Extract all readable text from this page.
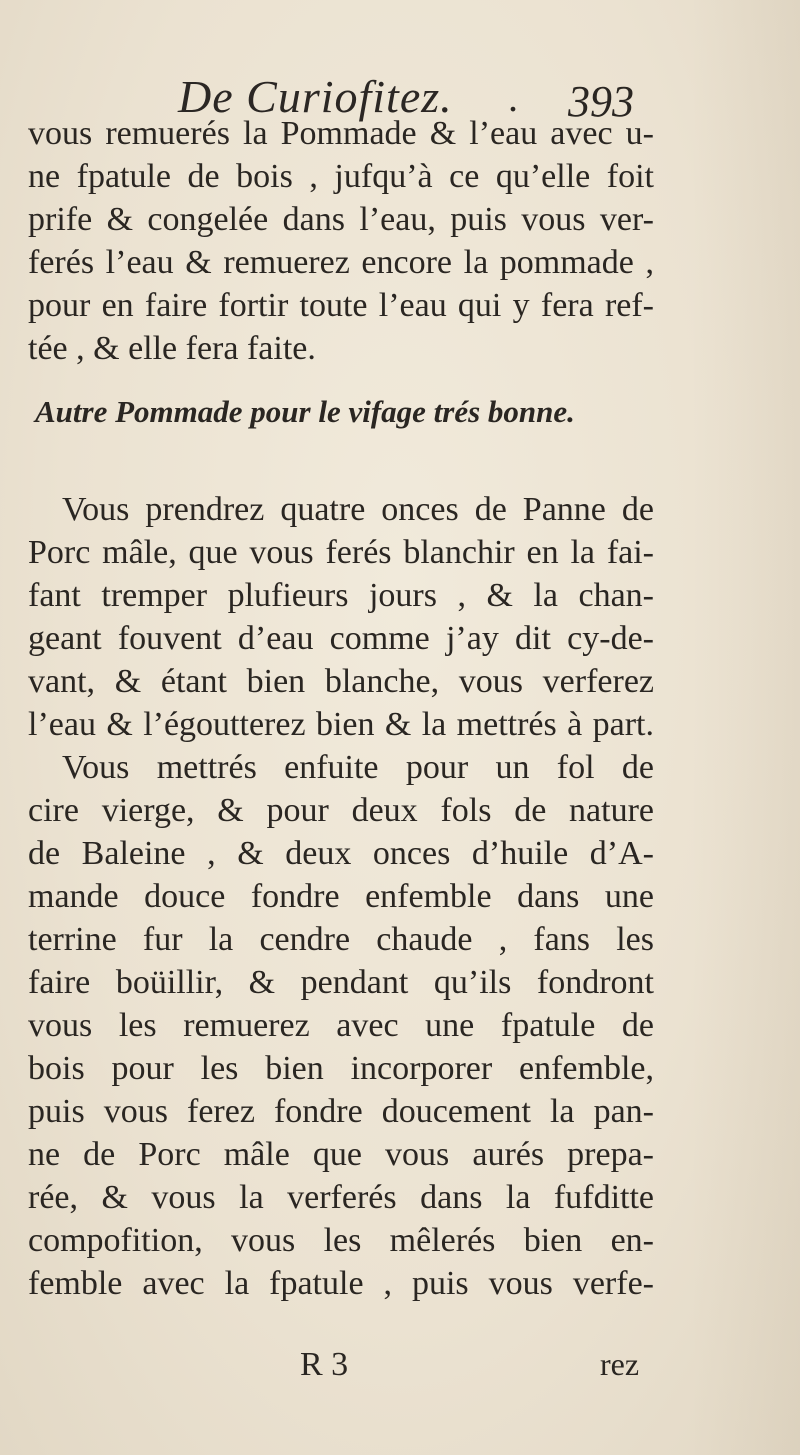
De Curiofitez. . 393
vous remuerés la Pommade & l’eau avec u-
ne fpatule de bois , jufqu’à ce qu’elle foit
prife & congelée dans l’eau, puis vous ver-
ferés l’eau & remuerez encore la pommade ,
pour en faire fortir toute l’eau qui y fera ref-
tée , & elle fera faite.
Autre Pommade pour le vifage trés bonne.
Vous prendrez quatre onces de Panne de
Porc mâle, que vous ferés blanchir en la fai-
fant tremper plufieurs jours , & la chan-
geant fouvent d’eau comme j’ay dit cy-de-
vant, & étant bien blanche, vous verferez
l’eau & l’égoutterez bien & la mettrés à part.
Vous mettrés enfuite pour un fol de
cire vierge, & pour deux fols de nature
de Baleine , & deux onces d’huile d’A-
mande douce fondre enfemble dans une
terrine fur la cendre chaude , fans les
faire boüillir, & pendant qu’ils fondront
vous les remuerez avec une fpatule de
bois pour les bien incorporer enfemble,
puis vous ferez fondre doucement la pan-
ne de Porc mâle que vous aurés prepa-
rée, & vous la verferés dans la fufditte
compofition, vous les mêlerés bien en-
femble avec la fpatule , puis vous verfe-
R 3	rez
